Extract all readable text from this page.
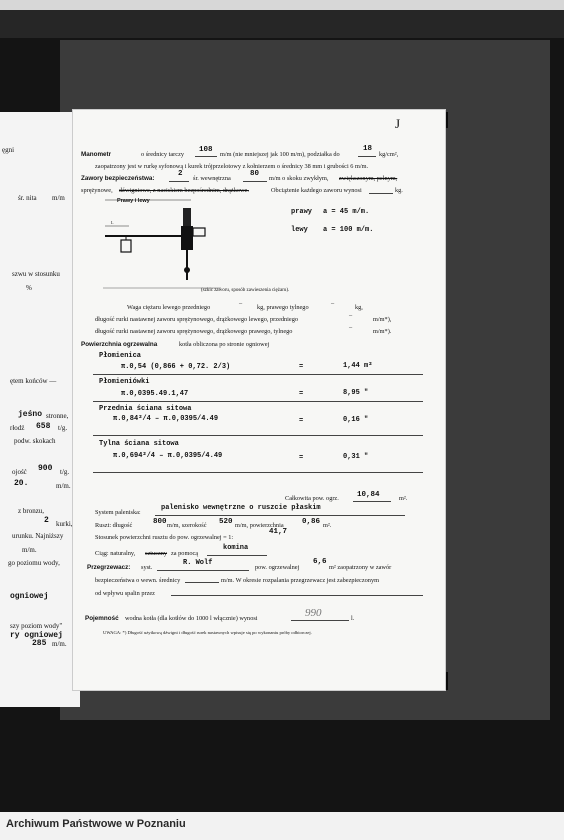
ęgni
śr. nita m/m
szwu w stosunku
%
ętem końców —
jeśno stronne,
rłodź 658 t/g.
podw. skokach
ojość 900 t/g.
20.	m/m.
z bronzu,
2 kurki,
urunku. Najniższy
m/m.
go poziomu wody,
ogniowej
szy poziom wody"
ry ogniowej
285 m/m.
J
Manometr	o średnicy tarczy
108
m/m (nie mniejszej jak 100 m/m), podziałka do
18
kg/cm²,
zaopatrzony jest w rurkę syfonową i kurek trójprzelotowy z kołnierzem o średnicy 38 mm i grubości 6 m/m.
Zawory bezpieczeństwa:
2
śr. wewnętrzna
80
m/m o skoku zwykłym, zwiększonym, pełnym,
sprężynowe, dźwigniowe, z naciskiem bezpośrednim, drążkowe.	Obciążenie każdego zaworu wynosi	kg.
L
Prawy i lewy
(szkic zaworu, sposób zawieszenia ciężaru).
prawy a = 45 m/m.
lewy a = 100 m/m.
Waga ciężaru lewego przedniego
–
kg, prawego tylnego
–
kg,
długość rurki nastawnej zaworu sprężynowego, drążkowego lewego, przedniego
–
m/m*),
długość rurki nastawnej zaworu sprężynowego, drążkowego prawego, tylnego
–
m/m*).
Powierzchnia ogrzewalna	kotła obliczona po stronie ogniowej
Płomienica
π.0,54 (0,866 + 0,72. 2/3)	=	1,44 m²
Płomieniówki
π.0,0395.49.1,47	=	8,95 "
Przednia ściana sitowa
π.0,84²/4 – π.0,0395/4.49	=	0,16 "
Tylna ściana sitowa
π.0,694²/4 – π.0,0395/4.49	=	0,31 "
Całkowita pow. ogrz. 10,84	m².
System paleniska:
palenisko wewnętrzne o ruszcie płaskim
Ruszt: długość	800 m/m, szerokość 520 m/m, powierzchnia 0,86 m².
Stosunek powierzchni rusztu do pow. ogrzewalnej = 1:
41,7
Ciąg: naturalny, sztuczny za pomocą
komina
Przegrzewacz: syst.
R. Wolf
pow. ogrzewalnej
6,6
m² zaopatrzony w zawór
bezpieczeństwa o wewn. średnicy	m/m. W okresie rozpalania przegrzewacz jest zabezpieczonym
od wpływu spalin przez
Pojemność wodna kotła (dla kotłów do 1000 l włącznie) wynosi	990	l.
UWAGA: *) Długość użytkową dźwigni i długość rurek nastawnych wpisuje się po wykonaniu próby odbiorczej.
Archiwum Państwowe w Poznaniu
